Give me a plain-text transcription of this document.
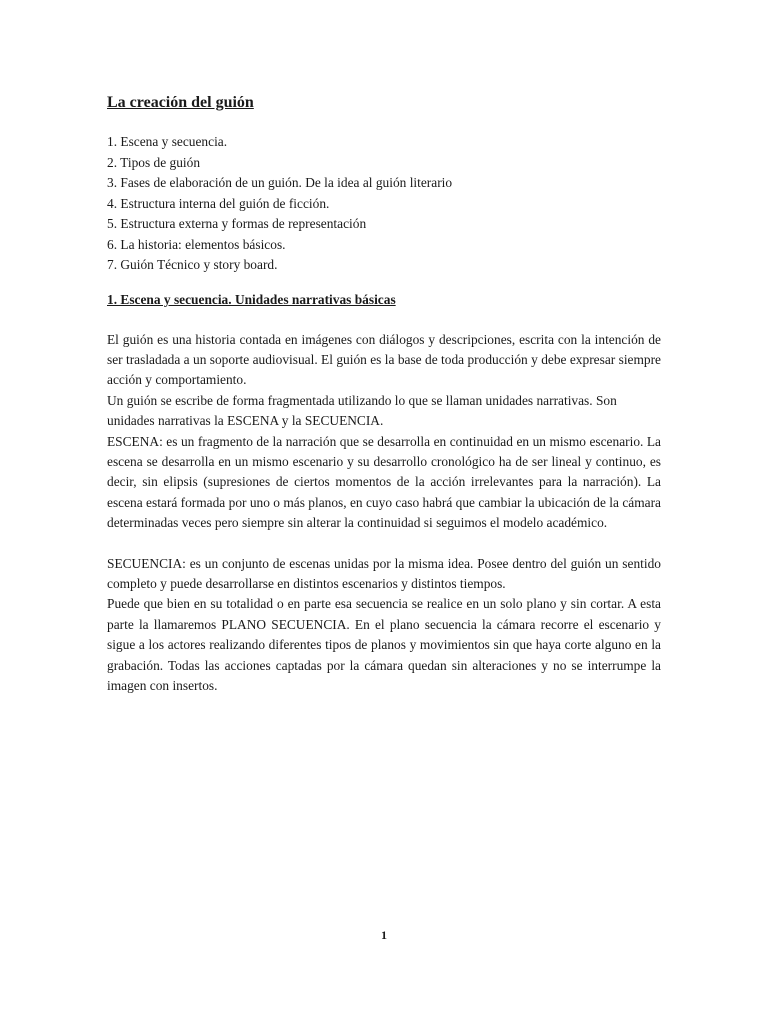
La creación del guión
1. Escena y secuencia.
2. Tipos de guión
3. Fases de elaboración de un guión. De la idea al guión literario
4. Estructura interna del guión de ficción.
5. Estructura externa y formas de representación
6. La historia: elementos básicos.
7. Guión Técnico y story board.
1. Escena y secuencia. Unidades narrativas básicas

El guión es una historia contada en imágenes con diálogos y descripciones, escrita con la intención de ser trasladada a un soporte audiovisual. El guión es la base de toda producción y debe expresar siempre acción y comportamiento.

Un guión se escribe de forma fragmentada utilizando lo que se llaman unidades narrativas. Son unidades narrativas la ESCENA y la SECUENCIA.

ESCENA: es un fragmento de la narración que se desarrolla en continuidad en un mismo escenario. La escena se desarrolla en un mismo escenario y su desarrollo cronológico ha de ser lineal y continuo, es decir, sin elipsis (supresiones de ciertos momentos de la acción irrelevantes para la narración). La escena estará formada por uno o más planos, en cuyo caso habrá que cambiar la ubicación de la cámara determinadas veces pero siempre sin alterar la continuidad si seguimos el modelo académico.

SECUENCIA: es un conjunto de escenas unidas por la misma idea. Posee dentro del guión un sentido completo y puede desarrollarse en distintos escenarios y distintos tiempos.

Puede que bien en su totalidad o en parte esa secuencia se realice en un solo plano y sin cortar. A esta parte la llamaremos PLANO SECUENCIA. En el plano secuencia la cámara recorre el escenario y sigue a los actores realizando diferentes tipos de planos y movimientos sin que haya corte alguno en la grabación. Todas las acciones captadas por la cámara quedan sin alteraciones y no se interrumpe la imagen con insertos.

1
